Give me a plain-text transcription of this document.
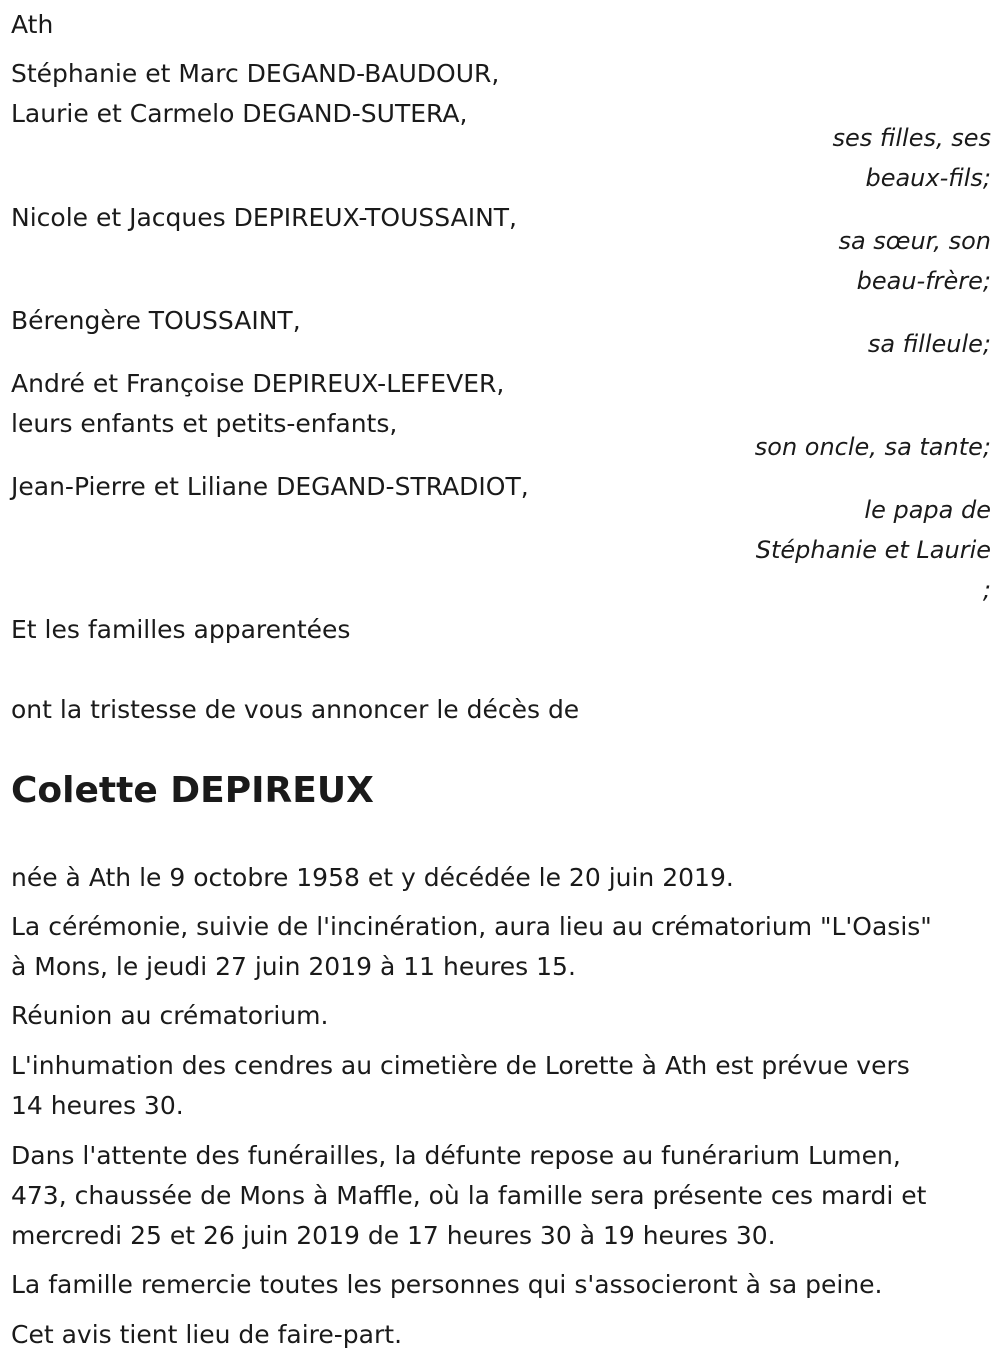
Ath
Stéphanie et Marc DEGAND-BAUDOUR,
Laurie et Carmelo DEGAND-SUTERA,
ses filles, ses
beaux-fils;
Nicole et Jacques DEPIREUX-TOUSSAINT,
sa sœur, son
beau-frère;
Bérengère TOUSSAINT,
sa filleule;
André et Françoise DEPIREUX-LEFEVER,
leurs enfants et petits-enfants,
son oncle, sa tante;
Jean-Pierre et Liliane DEGAND-STRADIOT,
le papa de
Stéphanie et Laurie
;
Et les familles apparentées
ont la tristesse de vous annoncer le décès de
Colette DEPIREUX
née à Ath le 9 octobre 1958 et y décédée le 20 juin 2019.
La cérémonie, suivie de l'incinération, aura lieu au crématorium "L'Oasis"
à Mons, le jeudi 27 juin 2019 à 11 heures 15.
Réunion au crématorium.
L'inhumation des cendres au cimetière de Lorette à Ath est prévue vers
14 heures 30.
Dans l'attente des funérailles, la défunte repose au funérarium Lumen,
473, chaussée de Mons à Maffle, où la famille sera présente ces mardi et
mercredi 25 et 26 juin 2019 de 17 heures 30 à 19 heures 30.
La famille remercie toutes les personnes qui s'associeront à sa peine.
Cet avis tient lieu de faire-part.
